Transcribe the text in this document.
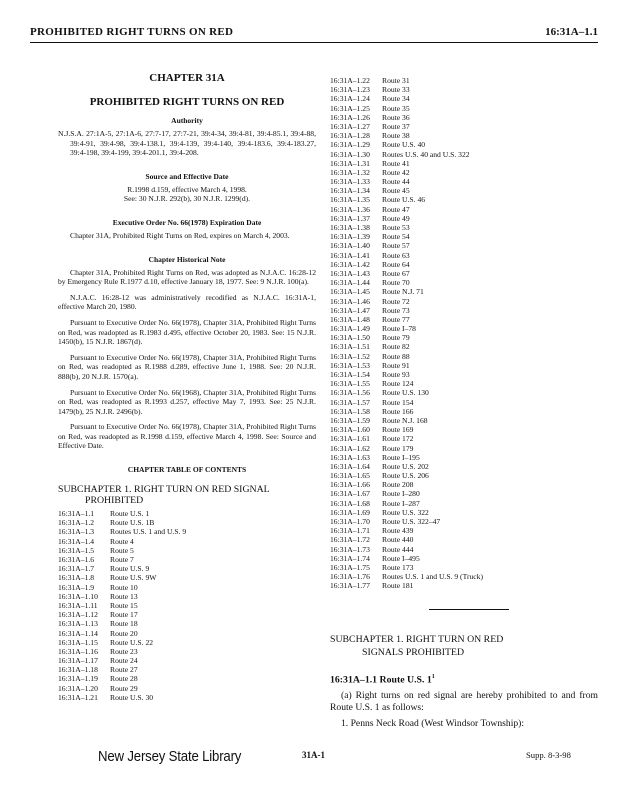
PROHIBITED RIGHT TURNS ON RED	16:31A–1.1
CHAPTER 31A
PROHIBITED RIGHT TURNS ON RED
Authority
N.J.S.A. 27:1A-5, 27:1A-6, 27:7-17, 27:7-21, 39:4-34, 39:4-81, 39:4-85.1, 39:4-88, 39:4-91, 39:4-98, 39:4-138.1, 39:4-139, 39:4-140, 39:4-183.6, 39:4-183.27, 39:4-198, 39:4-199, 39:4-201.1, 39:4-208.
Source and Effective Date
R.1998 d.159, effective March 4, 1998.
See: 30 N.J.R. 292(b), 30 N.J.R. 1299(d).
Executive Order No. 66(1978) Expiration Date
Chapter 31A, Prohibited Right Turns on Red, expires on March 4, 2003.
Chapter Historical Note
Chapter 31A, Prohibited Right Turns on Red, was adopted as N.J.A.C. 16:28-12 by Emergency Rule R.1977 d.10, effective January 18, 1977. See: 9 N.J.R. 100(a).
N.J.A.C. 16:28-12 was administratively recodified as N.J.A.C. 16:31A-1, effective March 20, 1980.
Pursuant to Executive Order No. 66(1978), Chapter 31A, Prohibited Right Turns on Red, was readopted as R.1983 d.495, effective October 20, 1983. See: 15 N.J.R. 1450(b), 15 N.J.R. 1867(d).
Pursuant to Executive Order No. 66(1978), Chapter 31A, Prohibited Right Turns on Red, was readopted as R.1988 d.289, effective June 1, 1988. See: 20 N.J.R. 888(b), 20 N.J.R. 1570(a).
Pursuant to Executive Order No. 66(1968), Chapter 31A, Prohibited Right Turns on Red, was readopted as R.1993 d.257, effective May 7, 1993. See: 25 N.J.R. 1479(b), 25 N.J.R. 2496(b).
Pursuant to Executive Order No. 66(1978), Chapter 31A, Prohibited Right Turns on Red, was readopted as R.1998 d.159, effective March 4, 1998. See: Source and Effective Date.
CHAPTER TABLE OF CONTENTS
SUBCHAPTER 1. RIGHT TURN ON RED SIGNAL
PROHIBITED
16:31A–1.1 Route U.S. 1
16:31A–1.2 Route U.S. 1B
16:31A–1.3 Routes U.S. 1 and U.S. 9
16:31A–1.4 Route 4
16:31A–1.5 Route 5
16:31A–1.6 Route 7
16:31A–1.7 Route U.S. 9
16:31A–1.8 Route U.S. 9W
16:31A–1.9 Route 10
16:31A–1.10 Route 13
16:31A–1.11 Route 15
16:31A–1.12 Route 17
16:31A–1.13 Route 18
16:31A–1.14 Route 20
16:31A–1.15 Route U.S. 22
16:31A–1.16 Route 23
16:31A–1.17 Route 24
16:31A–1.18 Route 27
16:31A–1.19 Route 28
16:31A–1.20 Route 29
16:31A–1.21 Route U.S. 30
16:31A–1.22 Route 31
16:31A–1.23 Route 33
16:31A–1.24 Route 34
16:31A–1.25 Route 35
16:31A–1.26 Route 36
16:31A–1.27 Route 37
16:31A–1.28 Route 38
16:31A–1.29 Route U.S. 40
16:31A–1.30 Routes U.S. 40 and U.S. 322
16:31A–1.31 Route 41
16:31A–1.32 Route 42
16:31A–1.33 Route 44
16:31A–1.34 Route 45
16:31A–1.35 Route U.S. 46
16:31A–1.36 Route 47
16:31A–1.37 Route 49
16:31A–1.38 Route 53
16:31A–1.39 Route 54
16:31A–1.40 Route 57
16:31A–1.41 Route 63
16:31A–1.42 Route 64
16:31A–1.43 Route 67
16:31A–1.44 Route 70
16:31A–1.45 Route N.J. 71
16:31A–1.46 Route 72
16:31A–1.47 Route 73
16:31A–1.48 Route 77
16:31A–1.49 Route I–78
16:31A–1.50 Route 79
16:31A–1.51 Route 82
16:31A–1.52 Route 88
16:31A–1.53 Route 91
16:31A–1.54 Route 93
16:31A–1.55 Route 124
16:31A–1.56 Route U.S. 130
16:31A–1.57 Route 154
16:31A–1.58 Route 166
16:31A–1.59 Route N.J. 168
16:31A–1.60 Route 169
16:31A–1.61 Route 172
16:31A–1.62 Route 179
16:31A–1.63 Route I–195
16:31A–1.64 Route U.S. 202
16:31A–1.65 Route U.S. 206
16:31A–1.66 Route 208
16:31A–1.67 Route I–280
16:31A–1.68 Route I–287
16:31A–1.69 Route U.S. 322
16:31A–1.70 Route U.S. 322–47
16:31A–1.71 Route 439
16:31A–1.72 Route 440
16:31A–1.73 Route 444
16:31A–1.74 Route I–495
16:31A–1.75 Route 173
16:31A–1.76 Routes U.S. 1 and U.S. 9 (Truck)
16:31A–1.77 Route 181
SUBCHAPTER 1. RIGHT TURN ON RED
SIGNALS PROHIBITED
16:31A–1.1 Route U.S. $1^1$
(a) Right turns on red signal are hereby prohibited to and from Route U.S. 1 as follows:
1. Penns Neck Road (West Windsor Township):
New Jersey State Library	31A-1	Supp. 8-3-98
